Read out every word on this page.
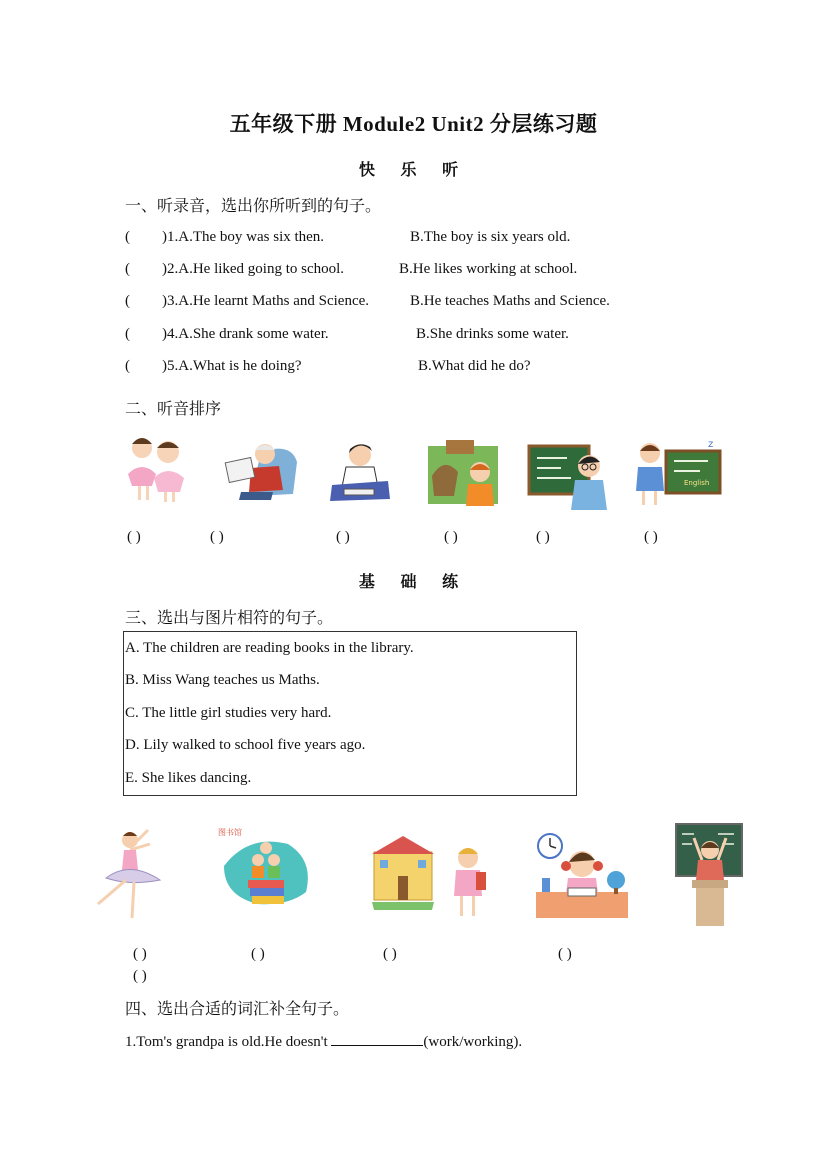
五年级下册 Module2 Unit2 分层练习题
快 乐 听
一、听录音，选出你所听到的句子。
( )1.A.The boy was six then.	B.The boy is six years old.
( )2.A.He liked going to school.	B.He likes working at school.
( )3.A.He learnt Maths and Science.	B.He teaches Maths and Science.
( )4.A.She drank some water.	B.She drinks some water.
( )5.A.What is he doing?	B.What did he do?
二、听音排序
English
z
( )	( )	( )	( )	( )	( )
基 础 练
三、选出与图片相符的句子。
A. The children are reading books in the library.
B. Miss Wang teaches us Maths.
C. The little girl studies very hard.
D. Lily walked to school five years ago.
E. She likes dancing.
图书馆
( )	( )	( )	( )
( )
四、选出合适的词汇补全句子。
1.Tom's grandpa is old.He doesn't	(work/working).
